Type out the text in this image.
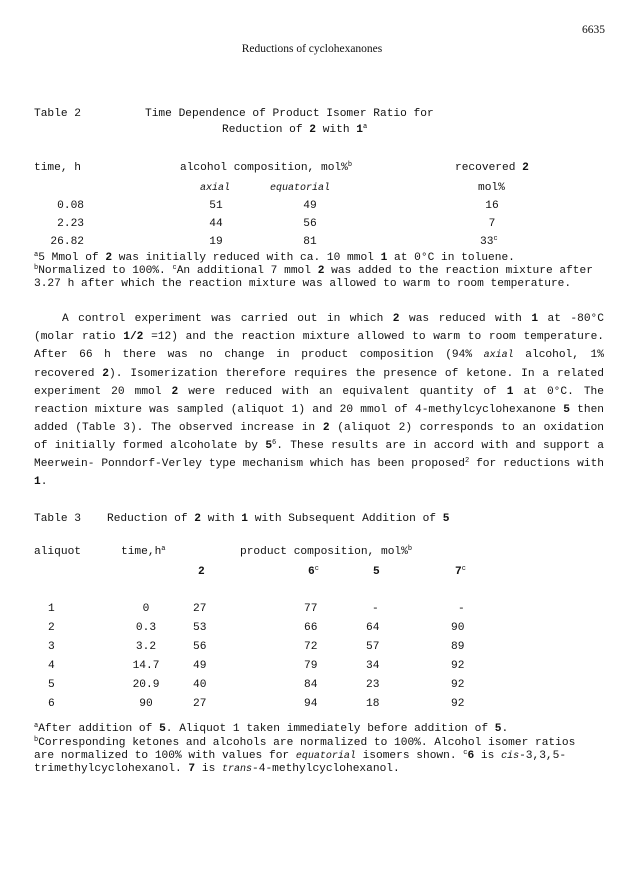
Reductions of cyclohexanones
6635
Table 2	Time Dependence of Product Isomer Ratio for
Reduction of 2 with 1$^a$
time, h	alcohol composition, mol%$^b$	recovered 2
axial	equatorial	mol%
0.08	51	49	16
2.23	44	56	7
26.82	19	81	33$^c$
$^a$5 Mmol of 2 was initially reduced with ca. 10 mmol 1 at 0°C in toluene.
$^b$Normalized to 100%. $^c$An additional 7 mmol 2 was added to the reaction mixture after 3.27 h after which the reaction mixture was allowed to warm to room temperature.
A control experiment was carried out in which 2 was reduced with 1 at -80°C (molar ratio 1/2 =12) and the reaction mixture allowed to warm to room temperature. After 66 h there was no change in product composition (94% axial alcohol, 1% recovered 2). Isomerization therefore requires the presence of ketone. In a related experiment 20 mmol 2 were reduced with an equivalent quantity of 1 at 0°C. The reaction mixture was sampled (aliquot 1) and 20 mmol of 4-methylcyclohexanone 5 then added (Table 3). The observed increase in 2 (aliquot 2) corresponds to an oxidation of initially formed alcoholate by $5^6$. These results are in accord with and support a Meerwein- Ponndorf-Verley type mechanism which has been proposed$^2$ for reductions with 1.
Table 3 Reduction of 2 with 1 with Subsequent Addition of 5
aliquot	$time,h^a$	product composition, mol%$^b$
2	6$^c$	5	7$^c$
1	0	27	77	-	-
2	0.3	53	66	64	90
3	3.2	56	72	57	89
4	14.7	49	79	34	92
5	20.9	40	84	23	92
6	90	27	94	18	92
$^a$After addition of 5. Aliquot 1 taken immediately before addition of 5.
$^b$Corresponding ketones and alcohols are normalized to 100%. Alcohol isomer ratios are normalized to 100% with values for equatorial isomers shown. $^c$6 is cis-3,3,5-trimethylcyclohexanol. 7 is trans-4-methylcyclohexanol.
